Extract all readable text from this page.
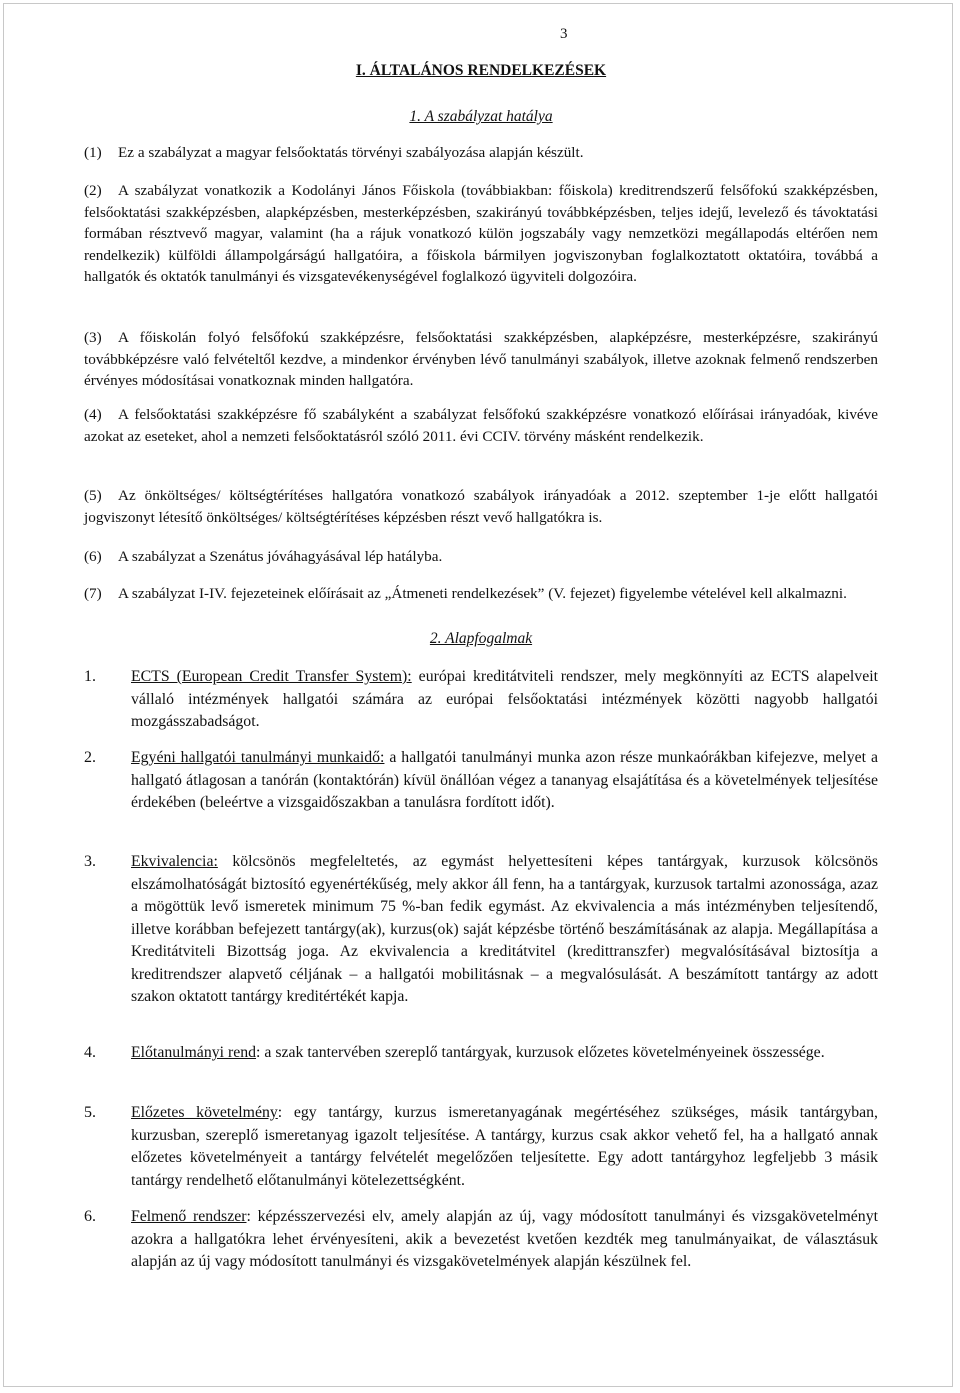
3
I. ÁLTALÁNOS RENDELKEZÉSEK
1. A szabályzat hatálya
(1) Ez a szabályzat a magyar felsőoktatás törvényi szabályozása alapján készült.
(2) A szabályzat vonatkozik a Kodolányi János Főiskola (továbbiakban: főiskola) kreditrendszerű felsőfokú szakképzésben, felsőoktatási szakképzésben, alapképzésben, mesterképzésben, szakirányú továbbképzésben, teljes idejű, levelező és távoktatási formában résztvevő magyar, valamint (ha a rájuk vonatkozó külön jogszabály vagy nemzetközi megállapodás eltérően nem rendelkezik) külföldi állampolgárságú hallgatóira, a főiskola bármilyen jogviszonyban foglalkoztatott oktatóira, továbbá a hallgatók és oktatók tanulmányi és vizsgatevékenységével foglalkozó ügyviteli dolgozóira.
(3) A főiskolán folyó felsőfokú szakképzésre, felsőoktatási szakképzésben, alapképzésre, mesterképzésre, szakirányú továbbképzésre való felvételtől kezdve, a mindenkor érvényben lévő tanulmányi szabályok, illetve azoknak felmenő rendszerben érvényes módosításai vonatkoznak minden hallgatóra.
(4) A felsőoktatási szakképzésre fő szabályként a szabályzat felsőfokú szakképzésre vonatkozó előírásai irányadóak, kivéve azokat az eseteket, ahol a nemzeti felsőoktatásról szóló 2011. évi CCIV. törvény másként rendelkezik.
(5) Az önköltséges/ költségtérítéses hallgatóra vonatkozó szabályok irányadóak a 2012. szeptember 1-je előtt hallgatói jogviszonyt létesítő önköltséges/ költségtérítéses képzésben részt vevő hallgatókra is.
(6) A szabályzat a Szenátus jóváhagyásával lép hatályba.
(7) A szabályzat I-IV. fejezeteinek előírásait az „Átmeneti rendelkezések” (V. fejezet) figyelembe vételével kell alkalmazni.
2. Alapfogalmak
1.	ECTS (European Credit Transfer System): európai kreditátviteli rendszer, mely megkönnyíti az ECTS alapelveit vállaló intézmények hallgatói számára az európai felsőoktatási intézmények közötti nagyobb hallgatói mozgásszabadságot.
2.	Egyéni hallgatói tanulmányi munkaidő: a hallgatói tanulmányi munka azon része munkaórákban kifejezve, melyet a hallgató átlagosan a tanórán (kontaktórán) kívül önállóan végez a tananyag elsajátítása és a követelmények teljesítése érdekében (beleértve a vizsgaidőszakban a tanulásra fordított időt).
3.	Ekvivalencia: kölcsönös megfeleltetés, az egymást helyettesíteni képes tantárgyak, kurzusok kölcsönös elszámolhatóságát biztosító egyenértékűség, mely akkor áll fenn, ha a tantárgyak, kurzusok tartalmi azonossága, azaz a mögöttük levő ismeretek minimum 75 %-ban fedik egymást. Az ekvivalencia a más intézményben teljesítendő, illetve korábban befejezett tantárgy(ak), kurzus(ok) saját képzésbe történő beszámításának az alapja. Megállapítása a Kreditátviteli Bizottság joga. Az ekvivalencia a kreditátvitel (kredittranszfer) megvalósításával biztosítja a kreditrendszer alapvető céljának – a hallgatói mobilitásnak – a megvalósulását. A beszámított tantárgy az adott szakon oktatott tantárgy kreditértékét kapja.
4.	Előtanulmányi rend: a szak tantervében szereplő tantárgyak, kurzusok előzetes követelményeinek összessége.
5.	Előzetes követelmény: egy tantárgy, kurzus ismeretanyagának megértéséhez szükséges, másik tantárgyban, kurzusban, szereplő ismeretanyag igazolt teljesítése. A tantárgy, kurzus csak akkor vehető fel, ha a hallgató annak előzetes követelményeit a tantárgy felvételét megelőzően teljesítette. Egy adott tantárgyhoz legfeljebb 3 másik tantárgy rendelhető előtanulmányi kötelezettségként.
6.	Felmenő rendszer: képzésszervezési elv, amely alapján az új, vagy módosított tanulmányi és vizsgakövetelményt azokra a hallgatókra lehet érvényesíteni, akik a bevezetést kvetően kezdték meg tanulmányaikat, de választásuk alapján az új vagy módosított tanulmányi és vizsgakövetelmények alapján készülnek fel.
